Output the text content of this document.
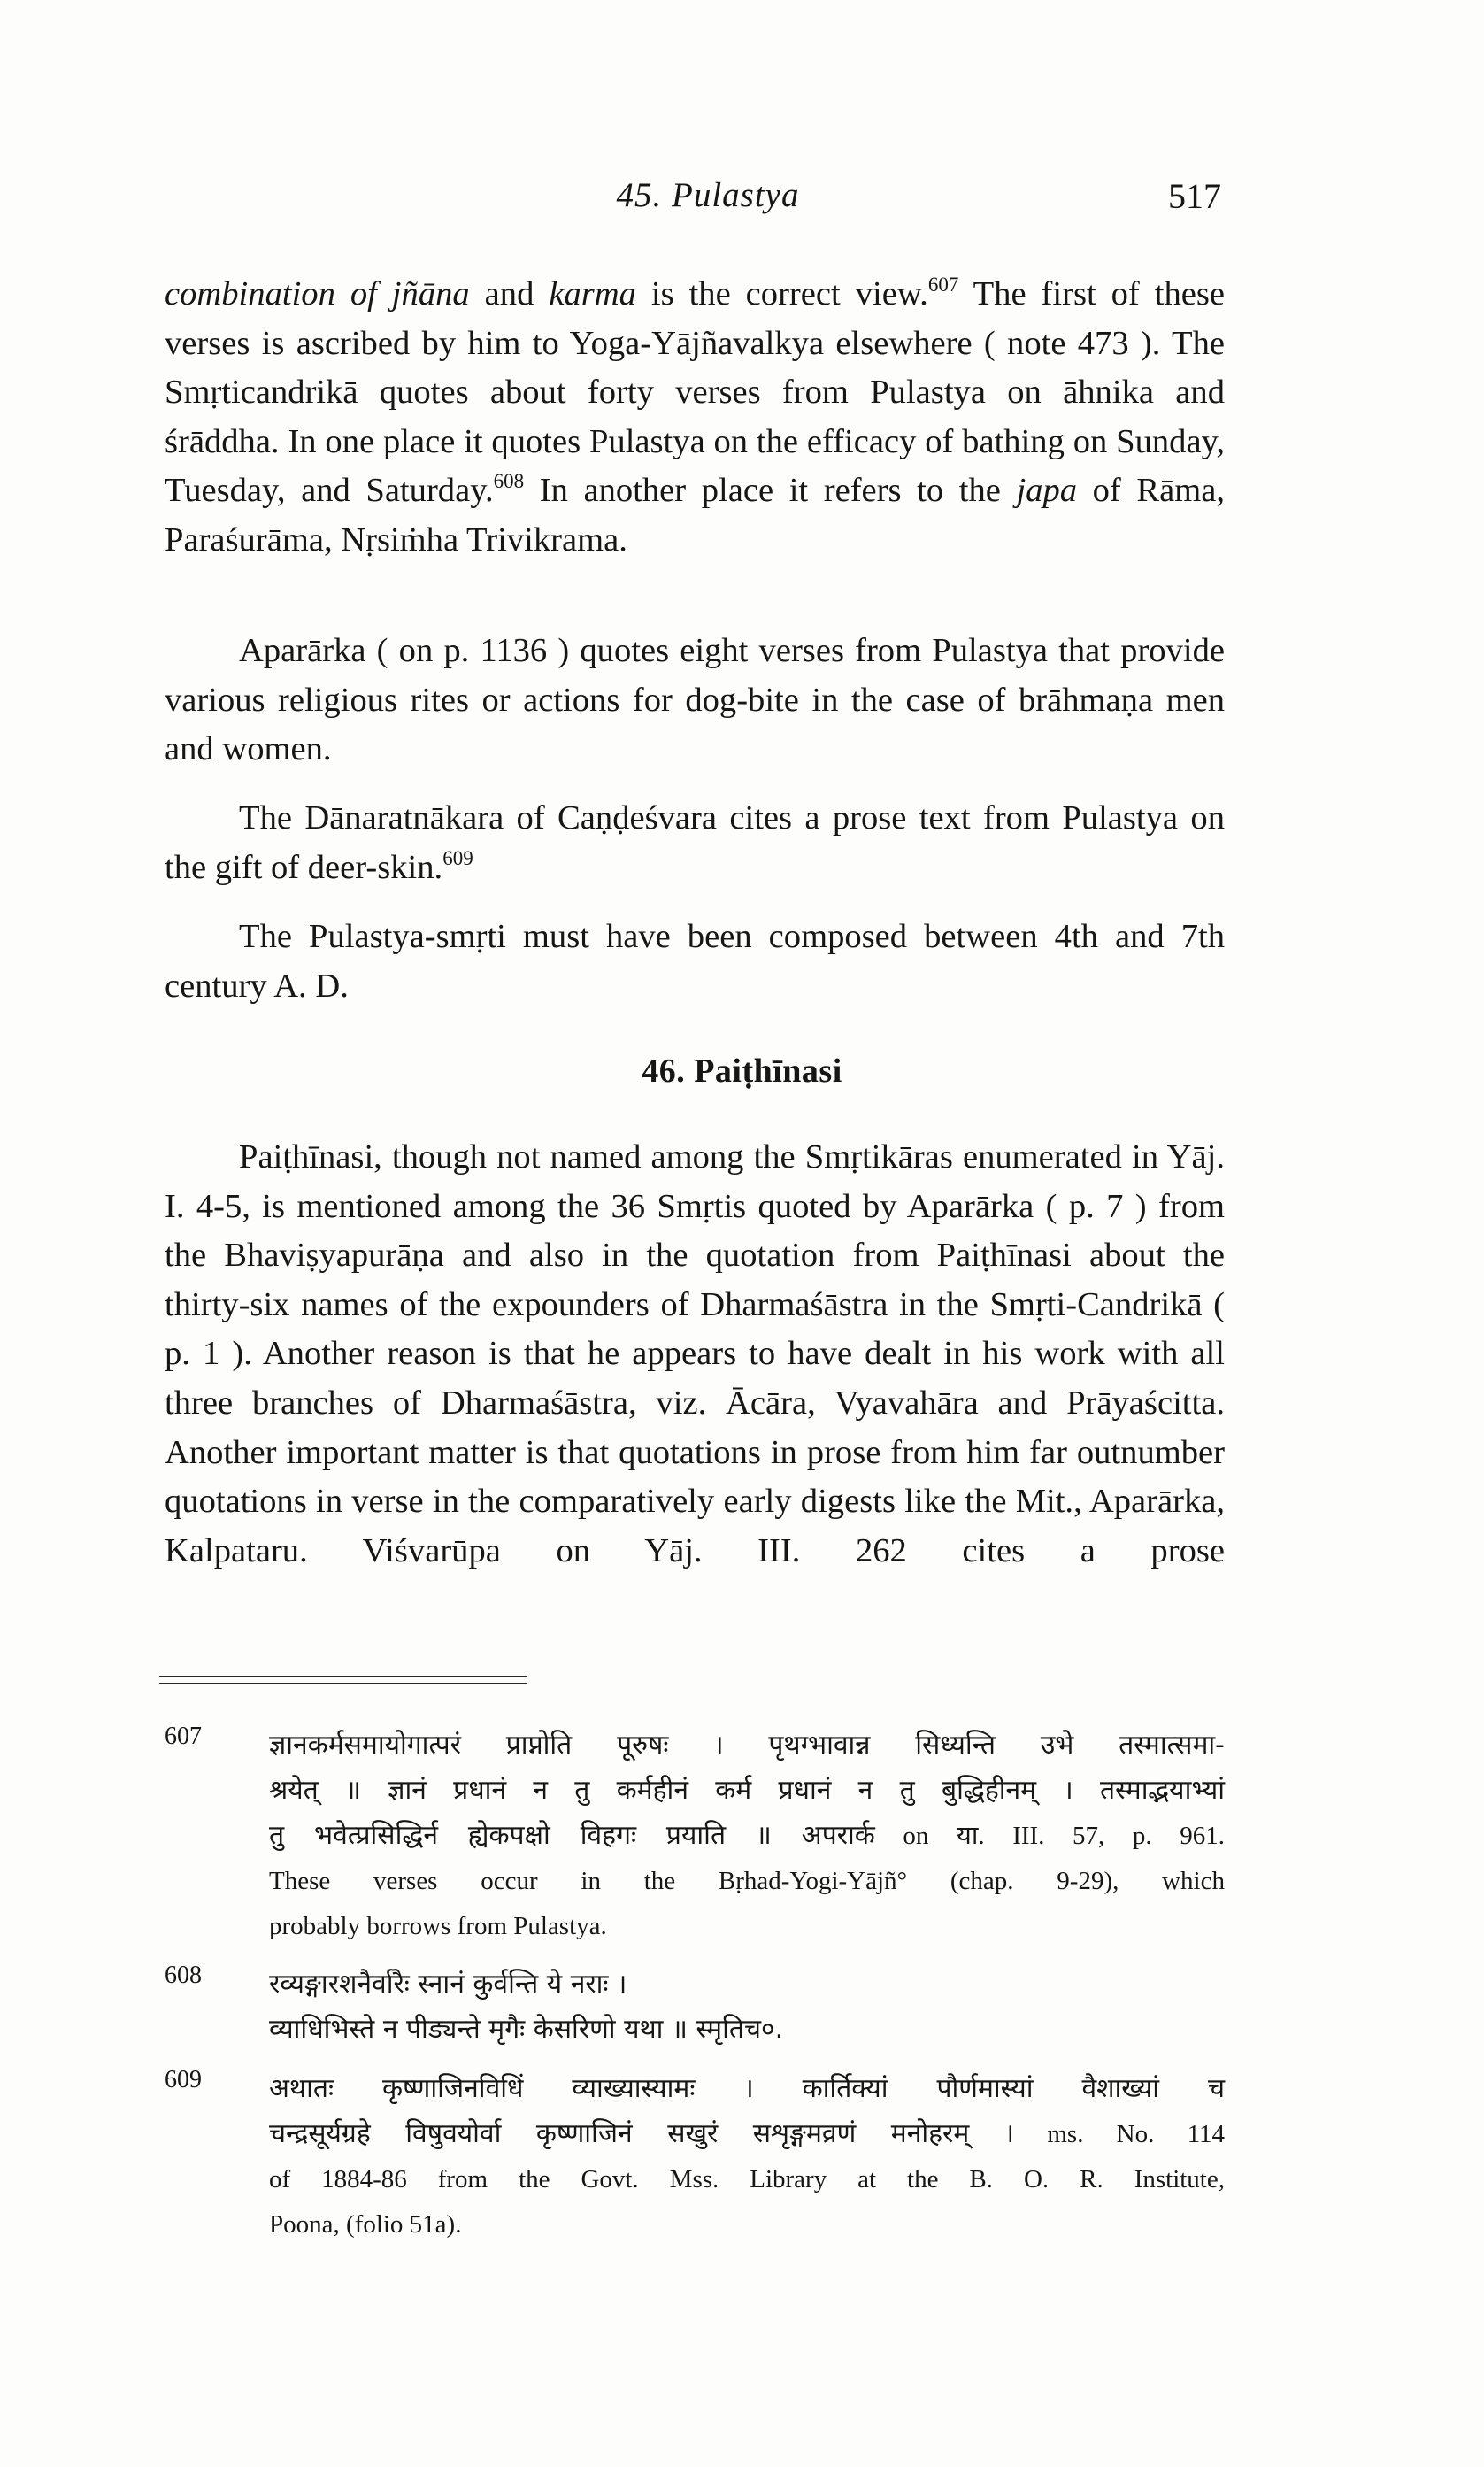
45. Pulastya	517

combination of jñāna and karma is the correct view.$^{607}$ The first of these verses is ascribed by him to Yoga-Yājñavalkya elsewhere ( note 473 ). The Smṛticandrikā quotes about forty verses from Pulastya on āhnika and śrāddha. In one place it quotes Pulastya on the efficacy of bathing on Sunday, Tuesday, and Saturday.$^{608}$ In another place it refers to the japa of Rāma, Paraśurāma, Nṛsiṁha Trivikrama.

Aparārka ( on p. 1136 ) quotes eight verses from Pulastya that provide various religious rites or actions for dog-bite in the case of brāhmaṇa men and women.

The Dānaratnākara of Caṇḍeśvara cites a prose text from Pulastya on the gift of deer-skin.$^{609}$

The Pulastya-smṛti must have been composed between 4th and 7th century A. D.

46. Paiṭhīnasi

Paiṭhīnasi, though not named among the Smṛtikāras enumerated in Yāj. I. 4-5, is mentioned among the 36 Smṛtis quoted by Aparārka ( p. 7 ) from the Bhaviṣyapurāṇa and also in the quotation from Paiṭhīnasi about the thirty-six names of the expounders of Dharmaśāstra in the Smṛti-Candrikā ( p. 1 ). Another reason is that he appears to have dealt in his work with all three branches of Dharmaśāstra, viz. Ācāra, Vyavahāra and Prāyaścitta. Another important matter is that quotations in prose from him far outnumber quotations in verse in the comparatively early digests like the Mit., Aparārka, Kalpataru. Viśvarūpa on Yāj. III. 262 cites a prose

607	ज्ञानकर्मसमायोगात्परं प्राप्नोति पूरुषः । पृथग्भावान्न सिध्यन्ति उभे तस्मात्समा-
श्रयेत् ॥ ज्ञानं प्रधानं न तु कर्महीनं कर्म प्रधानं न तु बुद्धिहीनम् । तस्माद्भयाभ्यां
तु भवेत्प्रसिद्धिर्न ह्येकपक्षो विहगः प्रयाति ॥ अपरार्क on या. III. 57, p. 961.
These verses occur in the Bṛhad-Yogi-Yājñ° (chap. 9-29), which
probably borrows from Pulastya.
608	रव्यङ्गारशनैर्वारैः स्नानं कुर्वन्ति ये नराः ।
व्याधिभिस्ते न पीड्यन्ते मृगैः केसरिणो यथा ॥ स्मृतिच०.
609	अथातः कृष्णाजिनविधिं व्याख्यास्यामः । कार्तिक्यां पौर्णमास्यां वैशाख्यां च
चन्द्रसूर्यग्रहे विषुवयोर्वा कृष्णाजिनं सखुरं सशृङ्गमव्रणं मनोहरम् । ms. No. 114
of 1884-86 from the Govt. Mss. Library at the B. O. R. Institute,
Poona, (folio 51a).
